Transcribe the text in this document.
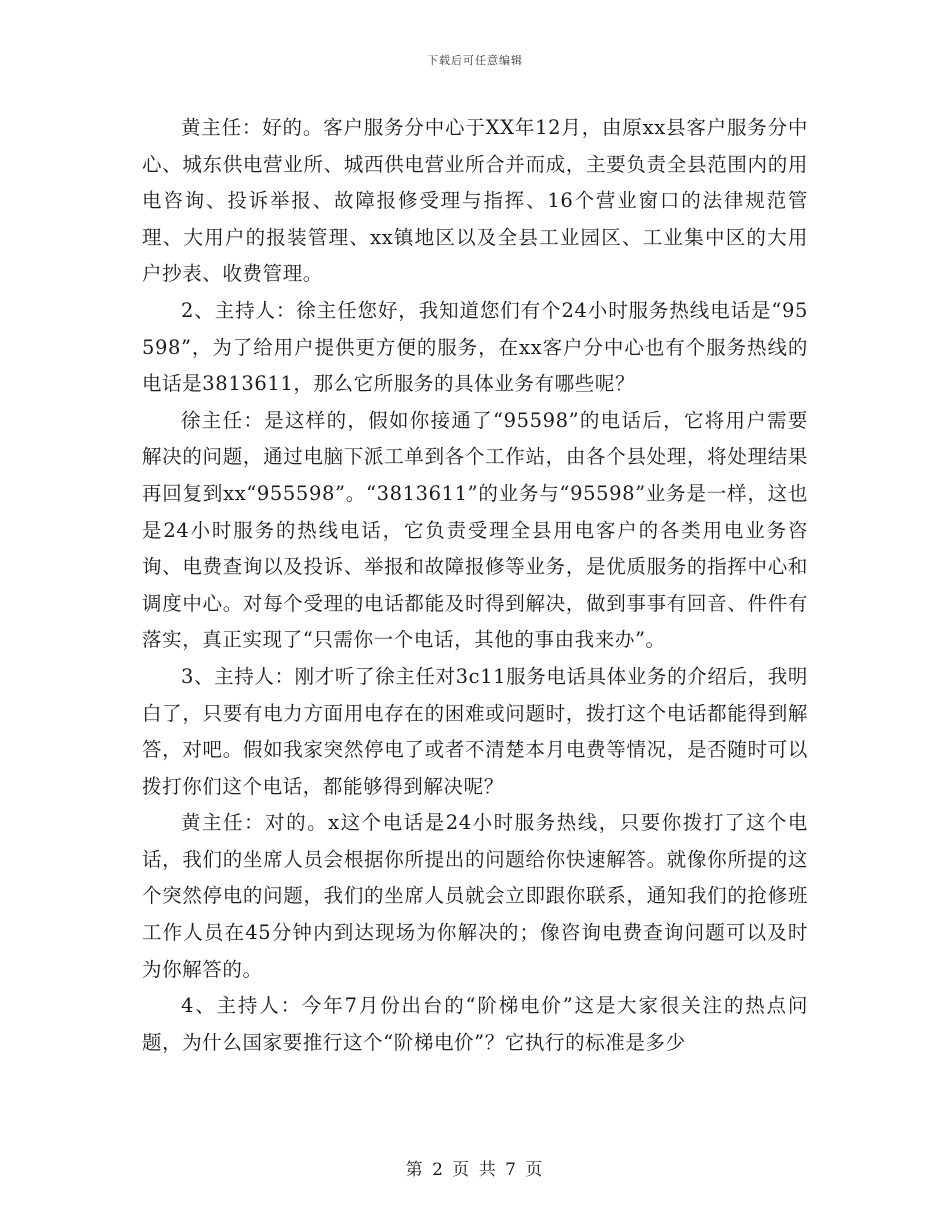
下载后可任意编辑

黄主任：好的。客户服务分中心于XX年12月，由原xx县客户服务分中心、城东供电营业所、城西供电营业所合并而成，主要负责全县范围内的用电咨询、投诉举报、故障报修受理与指挥、16个营业窗口的法律规范管理、大用户的报装管理、xx镇地区以及全县工业园区、工业集中区的大用户抄表、收费管理。

2、主持人：徐主任您好，我知道您们有个24小时服务热线电话是“95598”，为了给用户提供更方便的服务，在xx客户分中心也有个服务热线的电话是3813611，那么它所服务的具体业务有哪些呢？

徐主任：是这样的，假如你接通了“95598”的电话后，它将用户需要解决的问题，通过电脑下派工单到各个工作站，由各个县处理，将处理结果再回复到xx“955598”。“3813611”的业务与“95598”业务是一样，这也是24小时服务的热线电话，它负责受理全县用电客户的各类用电业务咨询、电费查询以及投诉、举报和故障报修等业务，是优质服务的指挥中心和调度中心。对每个受理的电话都能及时得到解决，做到事事有回音、件件有落实，真正实现了“只需你一个电话，其他的事由我来办”。

3、主持人：刚才听了徐主任对3c11服务电话具体业务的介绍后，我明白了，只要有电力方面用电存在的困难或问题时，拨打这个电话都能得到解答，对吧。假如我家突然停电了或者不清楚本月电费等情况，是否随时可以拨打你们这个电话，都能够得到解决呢？

黄主任：对的。x这个电话是24小时服务热线，只要你拨打了这个电话，我们的坐席人员会根据你所提出的问题给你快速解答。就像你所提的这个突然停电的问题，我们的坐席人员就会立即跟你联系，通知我们的抢修班工作人员在45分钟内到达现场为你解决的；像咨询电费查询问题可以及时为你解答的。

4、主持人：今年7月份出台的“阶梯电价”这是大家很关注的热点问题，为什么国家要推行这个“阶梯电价”？它执行的标准是多少

第 2 页 共 7 页
